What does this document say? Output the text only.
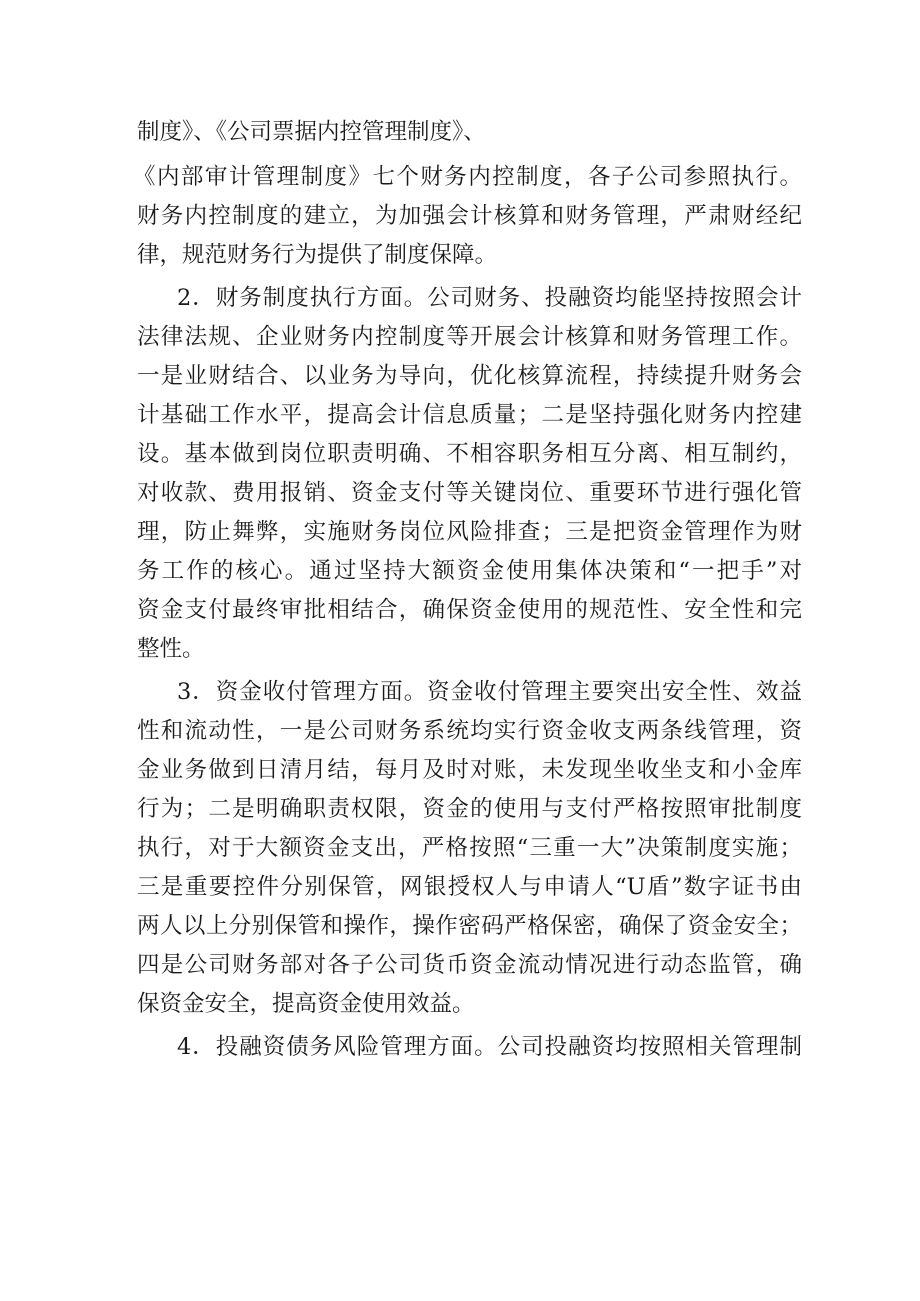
制度》、《公司票据内控管理制度》、
《内部审计管理制度》七个财务内控制度，各子公司参照执行。
财务内控制度的建立，为加强会计核算和财务管理，严肃财经纪
律，规范财务行为提供了制度保障。
2．财务制度执行方面。公司财务、投融资均能坚持按照会计
法律法规、企业财务内控制度等开展会计核算和财务管理工作。
一是业财结合、以业务为导向，优化核算流程，持续提升财务会
计基础工作水平，提高会计信息质量；二是坚持强化财务内控建
设。基本做到岗位职责明确、不相容职务相互分离、相互制约，
对收款、费用报销、资金支付等关键岗位、重要环节进行强化管
理，防止舞弊，实施财务岗位风险排查；三是把资金管理作为财
务工作的核心。通过坚持大额资金使用集体决策和“一把手”对
资金支付最终审批相结合，确保资金使用的规范性、安全性和完
整性。
3．资金收付管理方面。资金收付管理主要突出安全性、效益
性和流动性，一是公司财务系统均实行资金收支两条线管理，资
金业务做到日清月结，每月及时对账，未发现坐收坐支和小金库
行为；二是明确职责权限，资金的使用与支付严格按照审批制度
执行，对于大额资金支出，严格按照“三重一大”决策制度实施；
三是重要控件分别保管，网银授权人与申请人“U盾”数字证书由
两人以上分别保管和操作，操作密码严格保密，确保了资金安全；
四是公司财务部对各子公司货币资金流动情况进行动态监管，确
保资金安全，提高资金使用效益。
4．投融资债务风险管理方面。公司投融资均按照相关管理制
